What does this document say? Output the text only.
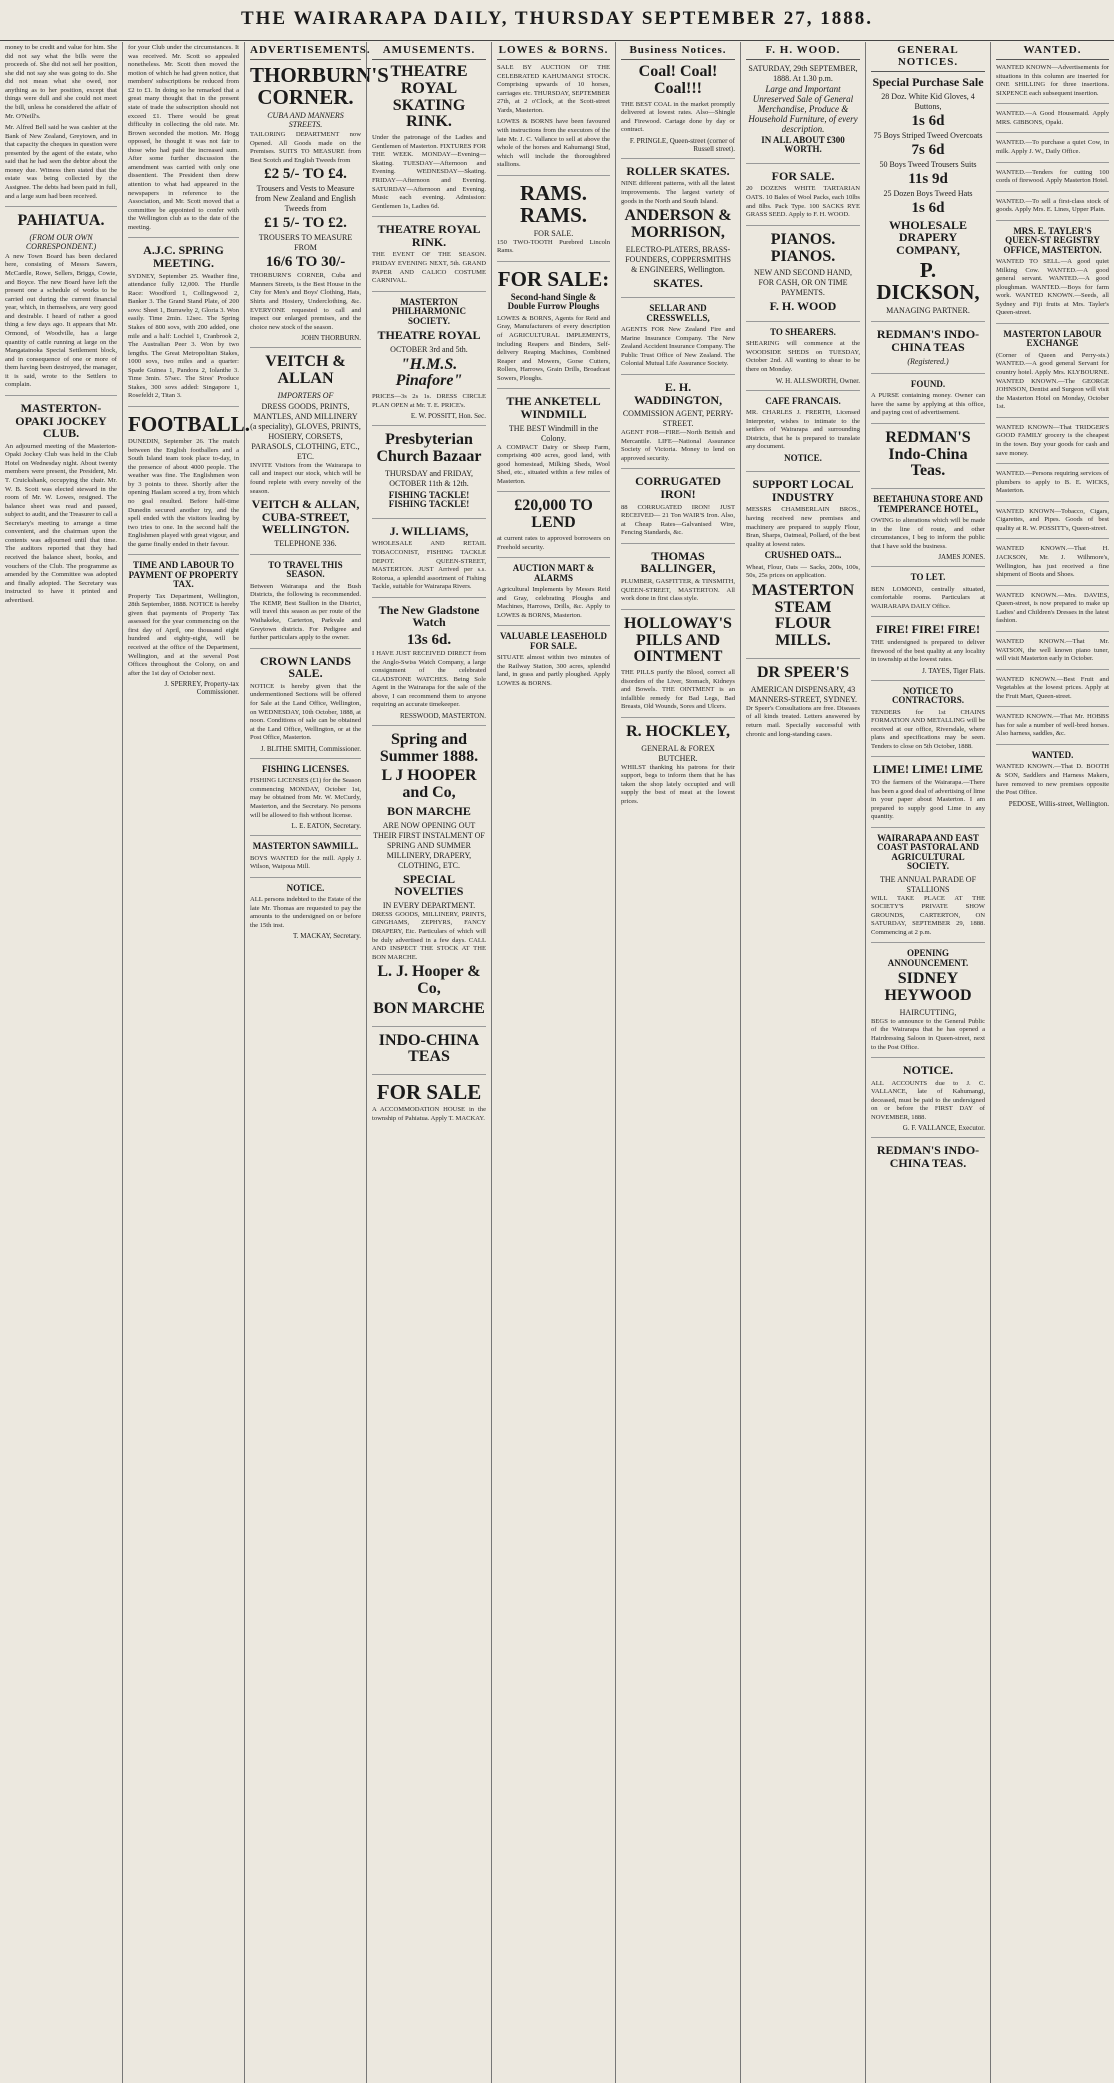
THE WAIRARAPA DAILY, THURSDAY SEPTEMBER 27, 1888.
money to be credit and value for him. She did not say what the bills were the proceeds of. She did not sell her position, she did not say she was going to do. She did not mean what she owed, nor anything as to her position, except that things were dull and she could not meet the bill, unless he considered the affair of Mr. O'Neill's.
Mr. Alfred Bell said he was cashier at the Bank of New Zealand, Greytown, and in that capacity the cheques in question were presented by the agent of the estate, who said that he had seen the debtor about the money due. Witness then stated that the estate was being collected by the Assignee. The debts had been paid in full, and a large sum had been received.
PAHIATUA.
(FROM OUR OWN CORRESPONDENT.)
A new Town Board has been declared here, consisting of Messrs Sawers, McCardle, Rowe, Sellers, Briggs, Cowie, and Boyce. The new Board have left the present one a schedule of works to be carried out during the current financial year, which, in themselves, are very good and desirable. I heard of rather a good thing a few days ago. It appears that Mr. Ormond, of Woodville, has a large quantity of cattle running at large on the Mangatainoka Special Settlement block, and in consequence of one or more of them having been destroyed, the manager, it is said, wrote to the Settlers to complain.
MASTERTON-OPAKI JOCKEY CLUB.
An adjourned meeting of the Masterton-Opaki Jockey Club was held in the Club Hotel on Wednesday night. About twenty members were present, the President, Mr. T. Cruickshank, occupying the chair. Mr. W. B. Scott was elected steward in the room of Mr. W. Lowes, resigned. The balance sheet was read and passed, subject to audit, and the Treasurer to call a Secretary's meeting to arrange a time convenient, and the chairman upon the contents was adjourned until that time. The auditors reported that they had received the balance sheet, books, and vouchers of the Club. The programme as amended by the Committee was adopted and finally adopted. The Secretary was instructed to have it printed and advertised.
for your Club under the circumstances. It was received. Mr. Scott so appealed nonetheless. Mr. Scott then moved the motion of which he had given notice, that members' subscriptions be reduced from £2 to £1. In doing so he remarked that a great many thought that in the present state of trade the subscription should not exceed £1. There would be great difficulty in collecting the old rate. Mr. Brown seconded the motion. Mr. Hogg opposed, he thought it was not fair to those who had paid the increased sum. After some further discussion the amendment was carried with only one dissentient. The President then drew attention to what had appeared in the newspapers in reference to the Association, and Mr. Scott moved that a committee be appointed to confer with the Wellington club as to the date of the meeting.
A.J.C. SPRING MEETING.
SYDNEY, September 25. Weather fine, attendance fully 12,000. The Hurdle Race: Woodford 1, Collingwood 2, Banker 3. The Grand Stand Plate, of 200 sovs: Sheet 1, Burrawhy 2, Gloria 3. Won easily. Time 2min. 12sec. The Spring Stakes of 800 sovs, with 200 added, one mile and a half: Lochiel 1, Cranbrook 2, The Australian Peer 3. Won by two lengths. The Great Metropolitan Stakes, 1000 sovs, two miles and a quarter: Spade Guinea 1, Pandora 2, Iolanthe 3. Time 3min. 57sec. The Sires' Produce Stakes, 300 sovs added: Singapore 1, Rosefeldt 2, Titan 3.
FOOTBALL.
DUNEDIN, September 26. The match between the English footballers and a South Island team took place to-day, in the presence of about 4000 people. The weather was fine. The Englishmen won by 3 points to three. Shortly after the opening Haslam scored a try, from which no goal resulted. Before half-time Dunedin secured another try, and the spell ended with the visitors leading by two tries to one. In the second half the Englishmen played with great vigour, and the game finally ended in their favour.
TIME AND LABOUR TO PAYMENT OF PROPERTY TAX.
Property Tax Department, Wellington, 28th September, 1888. NOTICE is hereby given that payments of Property Tax assessed for the year commencing on the first day of April, one thousand eight hundred and eighty-eight, will be received at the office of the Department, Wellington, and at the several Post Offices throughout the Colony, on and after the 1st day of October next.
J. SPERREY, Property-tax Commissioner.
ADVERTISEMENTS.
THORBURN'S CORNER.
CUBA AND MANNERS STREETS.
TAILORING DEPARTMENT now Opened. All Goods made on the Premises. SUITS TO MEASURE from Best Scotch and English Tweeds from
£2 5/- TO £4.
Trousers and Vests to Measure from New Zealand and English Tweeds from
£1 5/- TO £2.
TROUSERS TO MEASURE FROM
16/6 TO 30/-
THORBURN'S CORNER, Cuba and Manners Streets, is the Best House in the City for Men's and Boys' Clothing, Hats, Shirts and Hosiery, Underclothing, &c. EVERYONE requested to call and inspect our enlarged premises, and the choice new stock of the season.
JOHN THORBURN.
VEITCH & ALLAN
IMPORTERS OF
DRESS GOODS, PRINTS, MANTLES, AND MILLINERY (a speciality), GLOVES, PRINTS, HOSIERY, CORSETS, PARASOLS, CLOTHING, ETC., ETC.
INVITE Visitors from the Wairarapa to call and inspect our stock, which will be found replete with every novelty of the season.
VEITCH & ALLAN, CUBA-STREET, WELLINGTON.
TELEPHONE 336.
TO TRAVEL THIS SEASON.
Between Wairarapa and the Bush Districts, the following is recommended. The KEMP, Best Stallion in the District, will travel this season as per route of the Waihakeke, Carterton, Parkvale and Greytown districts. For Pedigree and further particulars apply to the owner.
CROWN LANDS SALE.
NOTICE is hereby given that the undermentioned Sections will be offered for Sale at the Land Office, Wellington, on WEDNESDAY, 10th October, 1888, at noon. Conditions of sale can be obtained at the Land Office, Wellington, or at the Post Office, Masterton.
J. BLITHE SMITH, Commissioner.
FISHING LICENSES.
FISHING LICENSES (£1) for the Season commencing MONDAY, October 1st, may be obtained from Mr. W. McCurdy, Masterton, and the Secretary. No persons will be allowed to fish without license.
L. E. EATON, Secretary.
MASTERTON SAWMILL.
BOYS WANTED for the mill. Apply J. Wilson, Waipoua Mill.
NOTICE.
ALL persons indebted to the Estate of the late Mr. Thomas are requested to pay the amounts to the undersigned on or before the 15th inst.
T. MACKAY, Secretary.
AMUSEMENTS.
THEATRE ROYAL SKATING RINK.
Under the patronage of the Ladies and Gentlemen of Masterton. FIXTURES FOR THE WEEK. MONDAY—Evening—Skating. TUESDAY—Afternoon and Evening. WEDNESDAY—Skating. FRIDAY—Afternoon and Evening. SATURDAY—Afternoon and Evening. Music each evening. Admission: Gentlemen 1s, Ladies 6d.
THEATRE ROYAL RINK.
THE EVENT OF THE SEASON. FRIDAY EVENING NEXT, 5th. GRAND PAPER AND CALICO COSTUME CARNIVAL.
MASTERTON PHILHARMONIC SOCIETY.
THEATRE ROYAL
OCTOBER 3rd and 5th.
"H.M.S. Pinafore"
PRICES—3s 2s 1s. DRESS CIRCLE PLAN OPEN at Mr. T. E. PRICE's.
E. W. POSSITT, Hon. Sec.
Presbyterian Church Bazaar
THURSDAY and FRIDAY, OCTOBER 11th & 12th.
FISHING TACKLE! FISHING TACKLE!
J. WILLIAMS,
WHOLESALE AND RETAIL TOBACCONIST, FISHING TACKLE DEPOT. QUEEN-STREET, MASTERTON. JUST Arrived per s.s. Rotorua, a splendid assortment of Fishing Tackle, suitable for Wairarapa Rivers.
The New Gladstone Watch
13s 6d.
I HAVE JUST RECEIVED DIRECT from the Anglo-Swiss Watch Company, a large consignment of the celebrated GLADSTONE WATCHES. Being Sole Agent in the Wairarapa for the sale of the above, I can recommend them to anyone requiring an accurate timekeeper.
RESSWOOD, MASTERTON.
Spring and Summer 1888.
L J HOOPER and Co,
BON MARCHE
ARE NOW OPENING OUT THEIR FIRST INSTALMENT OF SPRING AND SUMMER MILLINERY, DRAPERY, CLOTHING, ETC.
SPECIAL NOVELTIES
IN EVERY DEPARTMENT.
DRESS GOODS, MILLINERY, PRINTS, GINGHAMS, ZEPHYRS, FANCY DRAPERY, Etc. Particulars of which will be duly advertised in a few days. CALL AND INSPECT THE STOCK AT THE BON MARCHE.
L. J. Hooper & Co,
BON MARCHE
INDO-CHINA TEAS
FOR SALE
A ACCOMMODATION HOUSE in the township of Pahiatua. Apply T. MACKAY.
LOWES & BORNS.
SALE BY AUCTION OF THE CELEBRATED KAHUMANGI STOCK. Comprising upwards of 10 horses, carriages etc. THURSDAY, SEPTEMBER 27th, at 2 o'Clock, at the Scott-street Yards, Masterton.
LOWES & BORNS have been favoured with instructions from the executors of the late Mr. J. C. Vallance to sell at above the whole of the horses and Kahumangi Stud, which will include the thoroughbred stallions.
RAMS. RAMS.
FOR SALE.
150 TWO-TOOTH Purebred Lincoln Rams.
FOR SALE:
Second-hand Single & Double Furrow Ploughs
LOWES & BORNS, Agents for Reid and Gray, Manufacturers of every description of AGRICULTURAL IMPLEMENTS, including Reapers and Binders, Self-delivery Reaping Machines, Combined Reaper and Mowers, Gorse Cutters, Rollers, Harrows, Grain Drills, Broadcast Sowers, Ploughs.
THE ANKETELL WINDMILL
THE BEST Windmill in the Colony.
A COMPACT Dairy or Sheep Farm, comprising 400 acres, good land, with good homestead, Milking Sheds, Wool Shed, etc., situated within a few miles of Masterton.
£20,000 TO LEND
at current rates to approved borrowers on Freehold security.
AUCTION MART & ALARMS
Agricultural Implements by Messrs Reid and Gray, celebrating Ploughs and Machines, Harrows, Drills, &c. Apply to LOWES & BORNS, Masterton.
VALUABLE LEASEHOLD FOR SALE.
SITUATE almost within two minutes of the Railway Station, 300 acres, splendid land, in grass and partly ploughed. Apply LOWES & BORNS.
Business Notices.
Coal! Coal! Coal!!!
THE BEST COAL in the market promptly delivered at lowest rates. Also—Shingle and Firewood. Cartage done by day or contract.
F. PRINGLE, Queen-street (corner of Russell street).
ROLLER SKATES.
NINE different patterns, with all the latest improvements. The largest variety of goods in the North and South Island.
ANDERSON & MORRISON,
ELECTRO-PLATERS, BRASS-FOUNDERS, COPPERSMITHS & ENGINEERS, Wellington.
SKATES.
SELLAR AND CRESSWELLS,
AGENTS FOR New Zealand Fire and Marine Insurance Company. The New Zealand Accident Insurance Company. The Public Trust Office of New Zealand. The Colonial Mutual Life Assurance Society.
E. H. WADDINGTON,
COMMISSION AGENT, PERRY-STREET.
AGENT FOR—FIRE—North British and Mercantile. LIFE—National Assurance Society of Victoria. Money to lend on approved security.
CORRUGATED IRON!
88 CORRUGATED IRON! JUST RECEIVED— 21 Ton WAIR'S Iron. Also, at Cheap Rates—Galvanised Wire, Fencing Standards, &c.
THOMAS BALLINGER,
PLUMBER, GASFITTER, & TINSMITH, QUEEN-STREET, MASTERTON. All work done in first class style.
HOLLOWAY'S PILLS AND OINTMENT
THE PILLS purify the Blood, correct all disorders of the Liver, Stomach, Kidneys and Bowels. THE OINTMENT is an infallible remedy for Bad Legs, Bad Breasts, Old Wounds, Sores and Ulcers.
R. HOCKLEY,
GENERAL & FOREX BUTCHER.
WHILST thanking his patrons for their support, begs to inform them that he has taken the shop lately occupied and will supply the best of meat at the lowest prices.
F. H. WOOD.
SATURDAY, 29th SEPTEMBER, 1888. At 1.30 p.m.
Large and Important Unreserved Sale of General Merchandise, Produce & Household Furniture, of every description.
IN ALL ABOUT £300 WORTH.
FOR SALE.
20 DOZENS WHITE TARTARIAN OATS. 10 Bales of Wool Packs, each 10lbs and 8lbs. Pack Type. 100 SACKS RYE GRASS SEED. Apply to F. H. WOOD.
PIANOS. PIANOS.
NEW AND SECOND HAND,
FOR CASH, OR ON TIME PAYMENTS.
F. H. WOOD
TO SHEARERS.
SHEARING will commence at the WOODSIDE SHEDS on TUESDAY, October 2nd. All wanting to shear to be there on Monday.
W. H. ALLSWORTH, Owner.
CAFE FRANCAIS.
MR. CHARLES J. FRERTH, Licensed Interpreter, wishes to intimate to the settlers of Wairarapa and surrounding Districts, that he is prepared to translate any document.
NOTICE.
SUPPORT LOCAL INDUSTRY
MESSRS CHAMBERLAIN BROS., having received new premises and machinery are prepared to supply Flour, Bran, Sharps, Oatmeal, Pollard, of the best quality at lowest rates.
CRUSHED OATS...
Wheat, Flour, Oats — Sacks, 200s, 100s, 50s, 25s prices on application.
MASTERTON STEAM FLOUR MILLS.
DR SPEER'S
AMERICAN DISPENSARY, 43 MANNERS-STREET, SYDNEY.
Dr Speer's Consultations are free. Diseases of all kinds treated. Letters answered by return mail. Specially successful with chronic and long-standing cases.
GENERAL NOTICES.
Special Purchase Sale
28 Doz. White Kid Gloves, 4 Buttons,
1s 6d
75 Boys Striped Tweed Overcoats
7s 6d
50 Boys Tweed Trousers Suits
11s 9d
25 Dozen Boys Tweed Hats
1s 6d
WHOLESALE DRAPERY COMPANY,
P. DICKSON,
MANAGING PARTNER.
REDMAN'S INDO-CHINA TEAS
(Registered.)
FOUND.
A PURSE containing money. Owner can have the same by applying at this office, and paying cost of advertisement.
REDMAN'S Indo-China Teas.
BEETAHUNA STORE AND TEMPERANCE HOTEL,
OWING to alterations which will be made in the line of route, and other circumstances, I beg to inform the public that I have sold the business.
JAMES JONES.
TO LET.
BEN LOMOND, centrally situated, comfortable rooms. Particulars at WAIRARAPA DAILY Office.
FIRE! FIRE! FIRE!
THE undersigned is prepared to deliver firewood of the best quality at any locality in township at the lowest rates.
J. TAYES, Tiger Flats.
NOTICE TO CONTRACTORS.
TENDERS for 1st CHAINS FORMATION AND METALLING will be received at our office, Riversdale, where plans and specifications may be seen. Tenders to close on 5th October, 1888.
LIME! LIME! LIME
TO the farmers of the Wairarapa.—There has been a good deal of advertising of lime in your paper about Masterton. I am prepared to supply good Lime in any quantity.
WAIRARAPA AND EAST COAST PASTORAL AND AGRICULTURAL SOCIETY.
THE ANNUAL PARADE OF STALLIONS
WILL TAKE PLACE AT THE SOCIETY'S PRIVATE SHOW GROUNDS, CARTERTON, ON SATURDAY, SEPTEMBER 29, 1888. Commencing at 2 p.m.
OPENING ANNOUNCEMENT.
SIDNEY HEYWOOD
HAIRCUTTING,
BEGS to announce to the General Public of the Wairarapa that he has opened a Hairdressing Saloon in Queen-street, next to the Post Office.
NOTICE.
ALL ACCOUNTS due to J. C. VALLANCE, late of Kahumangi, deceased, must be paid to the undersigned on or before the FIRST DAY of NOVEMBER, 1888.
G. F. VALLANCE, Executor.
REDMAN'S INDO-CHINA TEAS.
WANTED.
WANTED KNOWN—Advertisements for situations in this column are inserted for ONE SHILLING for three insertions. SIXPENCE each subsequent insertion.
WANTED.—A Good Housemaid. Apply MRS. GIBBONS, Opaki.
WANTED.—To purchase a quiet Cow, in milk. Apply J. W., Daily Office.
WANTED.—Tenders for cutting 100 cords of firewood. Apply Masterton Hotel.
WANTED.—To sell a first-class stock of goods. Apply Mrs. E. Lines, Upper Plain.
MRS. E. TAYLER'S QUEEN-ST REGISTRY OFFICE, MASTERTON.
WANTED TO SELL.—A good quiet Milking Cow. WANTED.—A good general servant. WANTED.—A good ploughman. WANTED.—Boys for farm work. WANTED KNOWN.—Seeds, all Sydney and Fiji fruits at Mrs. Tayler's Queen-street.
MASTERTON LABOUR EXCHANGE
(Corner of Queen and Perry-sts.) WANTED.—A good general Servant for country hotel. Apply Mrs. KLYBOURNE. WANTED KNOWN.—The GEORGE JOHNSON, Dentist and Surgeon will visit the Masterton Hotel on Monday, October 1st.
WANTED KNOWN—That TRIDGER'S GOOD FAMILY grocery is the cheapest in the town. Buy your goods for cash and save money.
WANTED.—Persons requiring services of plumbers to apply to B. E. WICKS, Masterton.
WANTED KNOWN—Tobacco, Cigars, Cigarettes, and Pipes. Goods of best quality at R. W. POSSITT's, Queen-street.
WANTED KNOWN.—That H. JACKSON, Mr. J. Wilhmore's, Wellington, has just received a fine shipment of Boots and Shoes.
WANTED KNOWN.—Mrs. DAVIES, Queen-street, is now prepared to make up Ladies' and Children's Dresses in the latest fashion.
WANTED KNOWN.—That Mr. WATSON, the well known piano tuner, will visit Masterton early in October.
WANTED KNOWN.—Best Fruit and Vegetables at the lowest prices. Apply at the Fruit Mart, Queen-street.
WANTED KNOWN.—That Mr. HOBBS has for sale a number of well-bred horses. Also harness, saddles, &c.
WANTED.
WANTED KNOWN.—That D. BOOTH & SON, Saddlers and Harness Makers, have removed to new premises opposite the Post Office.
PEDOSE, Willis-street, Wellington.
